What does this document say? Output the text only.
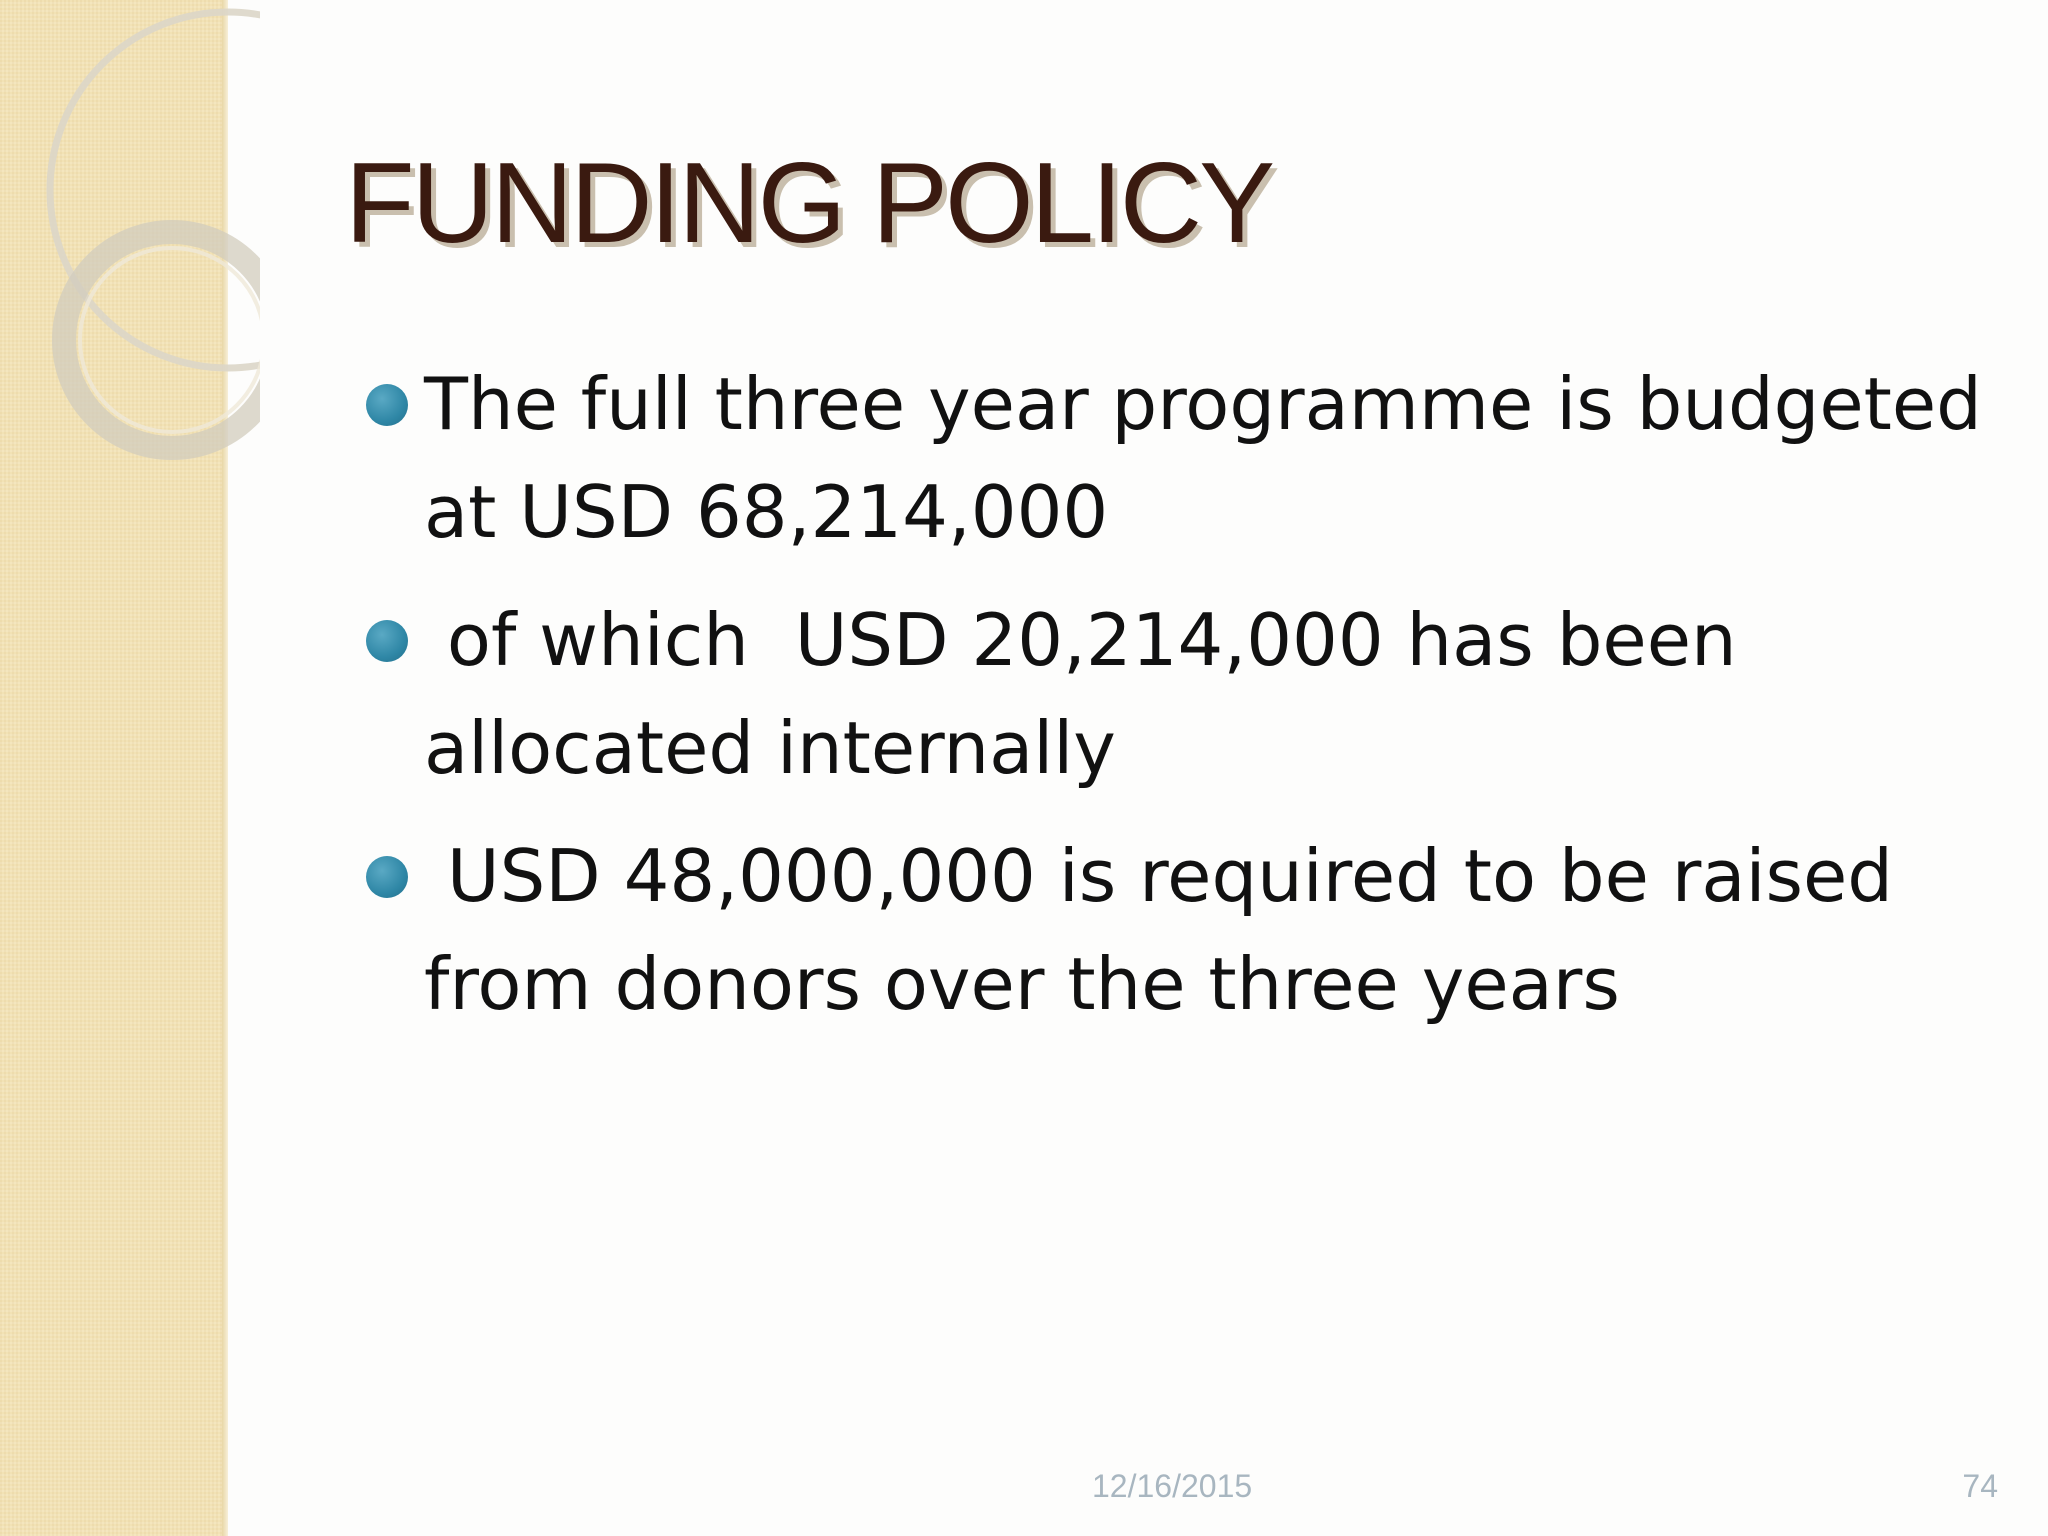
FUNDING POLICY
The full three year programme is budgeted at USD 68,214,000
of which  USD 20,214,000 has been allocated internally
USD 48,000,000 is required to be raised from donors over the three years
12/16/2015	74
